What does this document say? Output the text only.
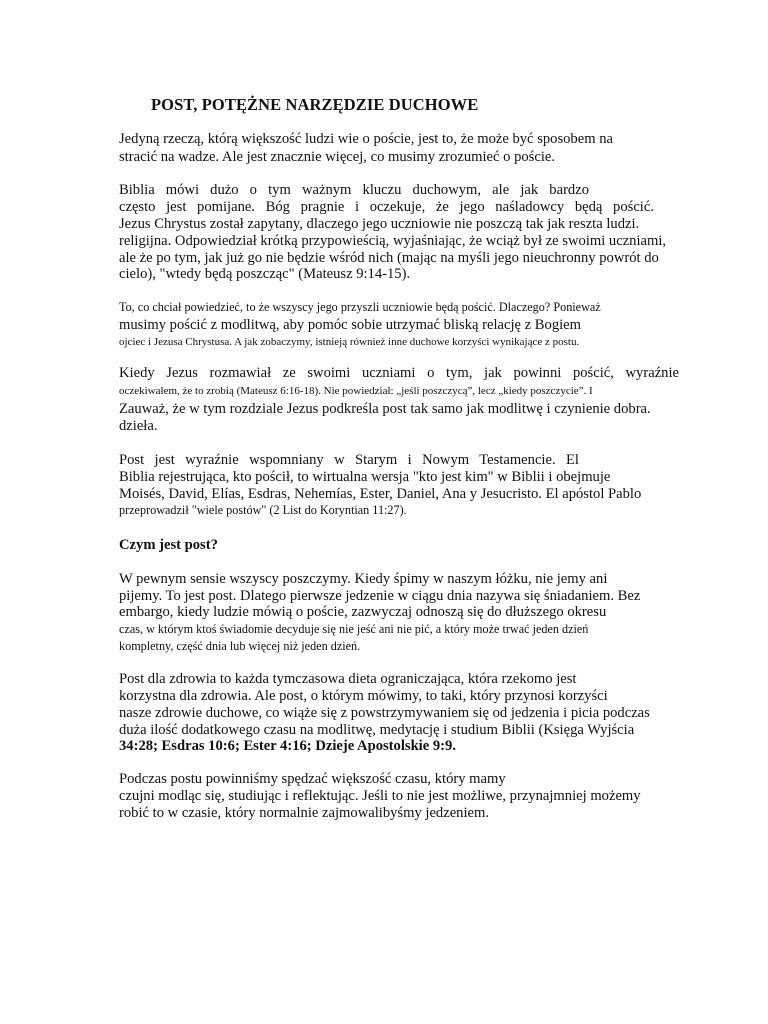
POST, POTĘŻNE NARZĘDZIE DUCHOWE
Jedyną rzeczą, którą większość ludzi wie o poście, jest to, że może być sposobem na
stracić na wadze. Ale jest znacznie więcej, co musimy zrozumieć o poście.
Biblia mówi dużo o tym ważnym kluczu duchowym, ale jak bardzo
często jest pomijane. Bóg pragnie i oczekuje, że jego naśladowcy będą pościć.
Jezus Chrystus został zapytany, dlaczego jego uczniowie nie poszczą tak jak reszta ludzi.
religijna. Odpowiedział krótką przypowieścią, wyjaśniając, że wciąż był ze swoimi uczniami,
ale że po tym, jak już go nie będzie wśród nich (mając na myśli jego nieuchronny powrót do
cielo), "wtedy będą poszcząc" (Mateusz 9:14-15).
To, co chciał powiedzieć, to że wszyscy jego przyszli uczniowie będą pościć. Dlaczego? Ponieważ
musimy pościć z modlitwą, aby pomóc sobie utrzymać bliską relację z Bogiem
ojciec i Jezusa Chrystusa. A jak zobaczymy, istnieją również inne duchowe korzyści wynikające z postu.
Kiedy Jezus rozmawiał ze swoimi uczniami o tym, jak powinni pościć, wyraźnie
oczekiwałem, że to zrobią (Mateusz 6:16-18). Nie powiedział: „jeśli poszczycą”, lecz „kiedy poszczycie”. I
Zauważ, że w tym rozdziale Jezus podkreśla post tak samo jak modlitwę i czynienie dobra.
dzieła.
Post jest wyraźnie wspomniany w Starym i Nowym Testamencie. El
Biblia rejestrująca, kto pościł, to wirtualna wersja "kto jest kim" w Biblii i obejmuje
Moisés, David, Elías, Esdras, Nehemías, Ester, Daniel, Ana y Jesucristo. El apóstol Pablo
przeprowadził "wiele postów" (2 List do Koryntian 11:27).
Czym jest post?
W pewnym sensie wszyscy poszczymy. Kiedy śpimy w naszym łóżku, nie jemy ani
pijemy. To jest post. Dlatego pierwsze jedzenie w ciągu dnia nazywa się śniadaniem. Bez
embargo, kiedy ludzie mówią o poście, zazwyczaj odnoszą się do dłuższego okresu
czas, w którym ktoś świadomie decyduje się nie jeść ani nie pić, a który może trwać jeden dzień
kompletny, część dnia lub więcej niż jeden dzień.
Post dla zdrowia to każda tymczasowa dieta ograniczająca, która rzekomo jest
korzystna dla zdrowia. Ale post, o którym mówimy, to taki, który przynosi korzyści
nasze zdrowie duchowe, co wiąże się z powstrzymywaniem się od jedzenia i picia podczas
duża ilość dodatkowego czasu na modlitwę, medytację i studium Biblii (Księga Wyjścia
34:28; Esdras 10:6; Ester 4:16; Dzieje Apostolskie 9:9.
Podczas postu powinniśmy spędzać większość czasu, który mamy
czujni modląc się, studiując i reflektując. Jeśli to nie jest możliwe, przynajmniej możemy
robić to w czasie, który normalnie zajmowalibyśmy jedzeniem.
